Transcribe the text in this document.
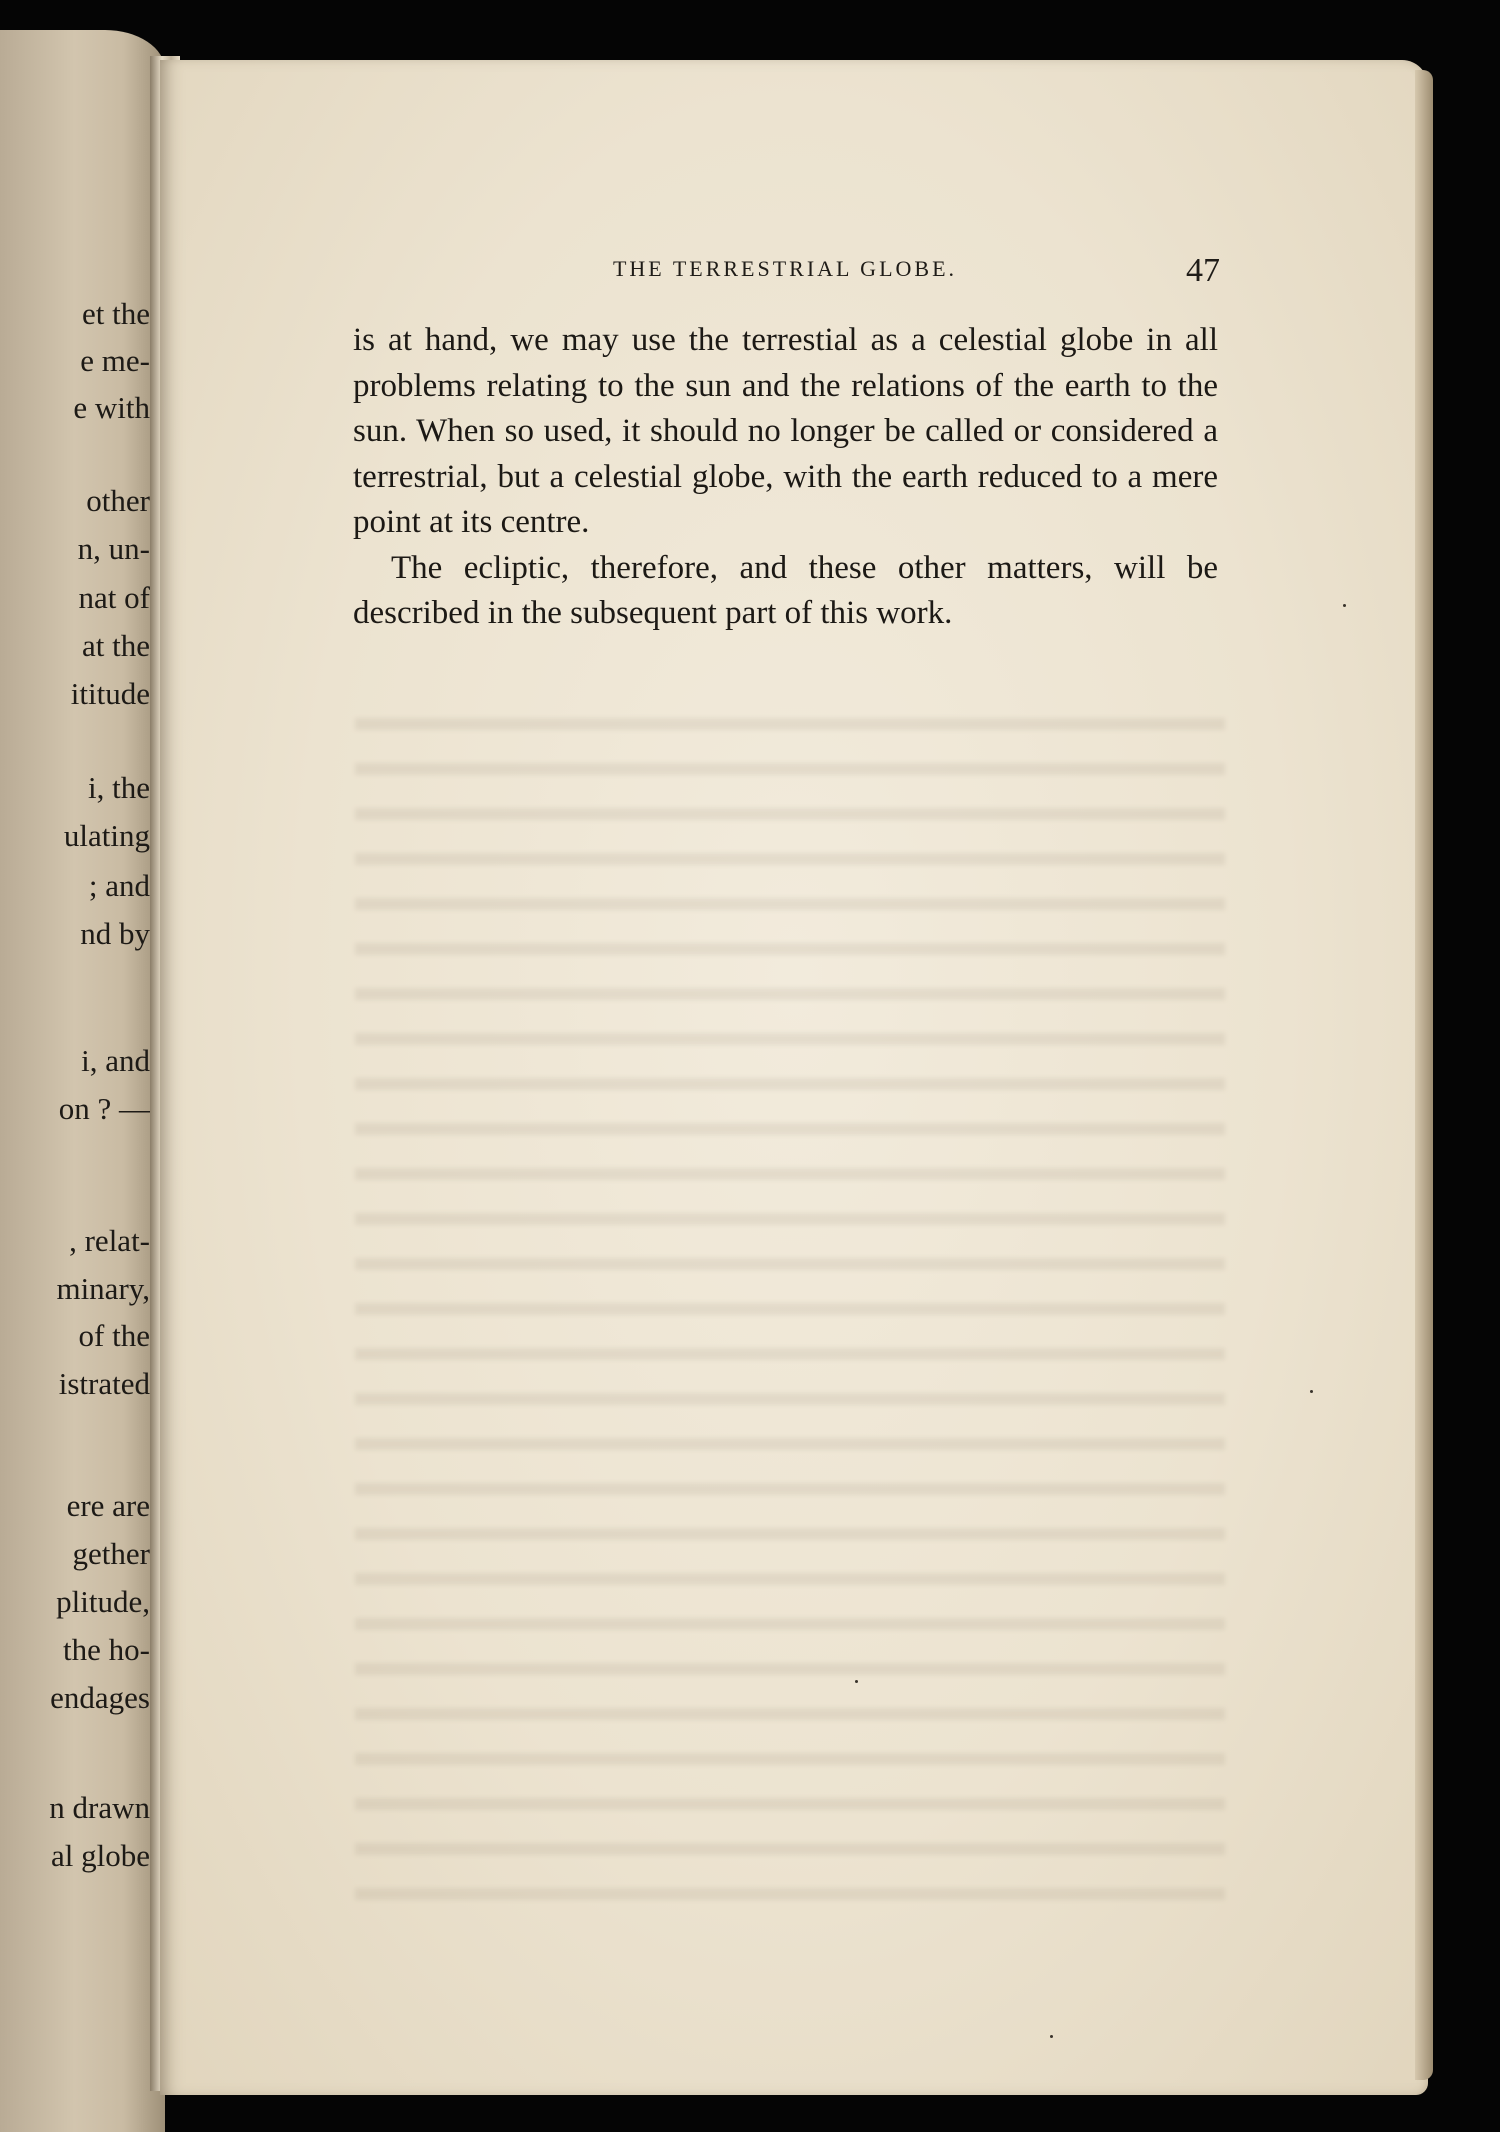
et the
e me-
e with
other
n, un-
nat of
at the
ititude
i, the
ulating
; and
nd by
i, and
on ? —
, relat-
minary,
of the
istrated
ere are
gether
plitude,
the ho-
endages
n drawn
al globe
THE TERRESTRIAL GLOBE.	47

is at hand, we may use the terrestial as a celestial globe in all problems relating to the sun and the relations of the earth to the sun. When so used, it should no longer be called or considered a terrestrial, but a celestial globe, with the earth reduced to a mere point at its centre.

The ecliptic, therefore, and these other matters, will be described in the subsequent part of this work.
